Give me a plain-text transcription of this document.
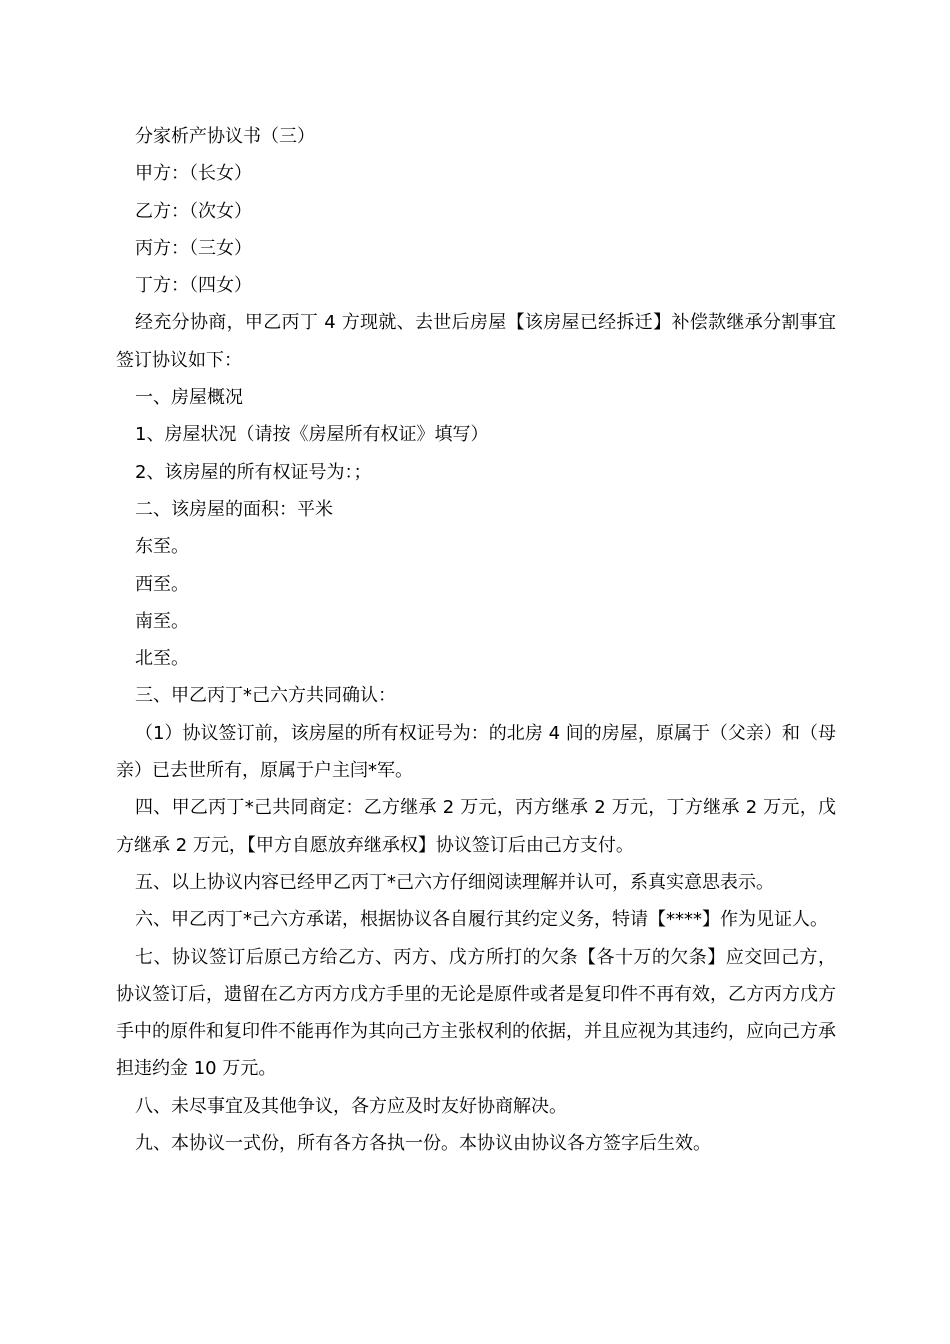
分家析产协议书（三）

甲方：（长女）

乙方：（次女）

丙方：（三女）

丁方：（四女）

经充分协商，甲乙丙丁 4 方现就、去世后房屋【该房屋已经拆迁】补偿款继承分割事宜签订协议如下：

一、房屋概况

1、房屋状况（请按《房屋所有权证》填写）

2、该房屋的所有权证号为：；

二、该房屋的面积：平米

东至。

西至。

南至。

北至。

三、甲乙丙丁*己六方共同确认：

（1）协议签订前，该房屋的所有权证号为：的北房 4 间的房屋，原属于（父亲）和（母亲）已去世所有，原属于户主闫*军。

四、甲乙丙丁*己共同商定：乙方继承 2 万元，丙方继承 2 万元，丁方继承 2 万元，戊方继承 2 万元，【甲方自愿放弃继承权】协议签订后由己方支付。

五、以上协议内容已经甲乙丙丁*己六方仔细阅读理解并认可，系真实意思表示。

六、甲乙丙丁*己六方承诺，根据协议各自履行其约定义务，特请【****】作为见证人。

七、协议签订后原己方给乙方、丙方、戊方所打的欠条【各十万的欠条】应交回己方，协议签订后，遗留在乙方丙方戊方手里的无论是原件或者是复印件不再有效，乙方丙方戊方手中的原件和复印件不能再作为其向己方主张权利的依据，并且应视为其违约，应向己方承担违约金 10 万元。

八、未尽事宜及其他争议，各方应及时友好协商解决。

九、本协议一式份，所有各方各执一份。本协议由协议各方签字后生效。
